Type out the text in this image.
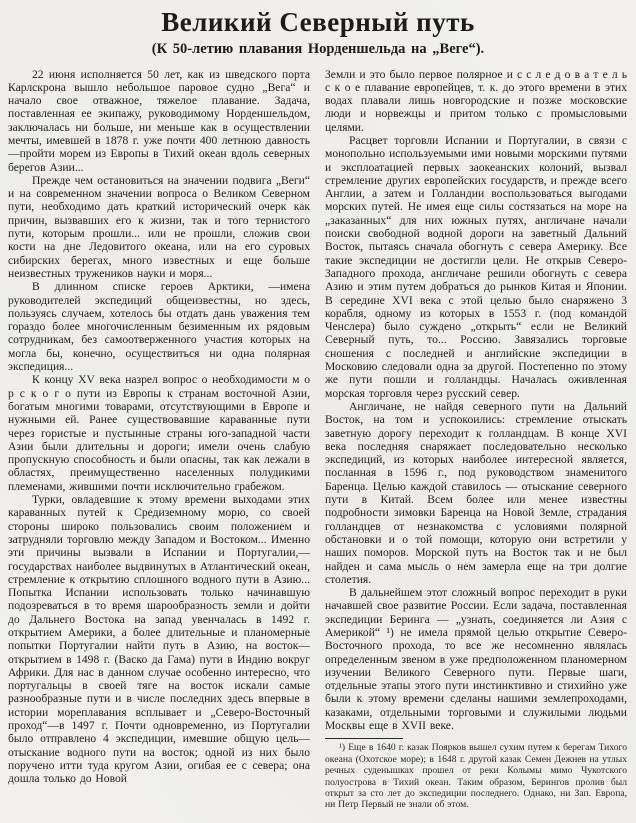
Великий Северный путь
(К 50-летию плавания Норденшельда на „Веге“).

22 июня исполняется 50 лет, как из шведского порта Карлскрона вышло небольшое паровое судно „Вега“ и начало свое отважное, тяжелое плавание. Задача, поставленная ее экипажу, руководимому Норденшельдом, заключалась ни больше, ни меньше как в осуществлении мечты, имевшей в 1878 г. уже почти 400 летнюю давность—пройти морем из Европы в Тихий океан вдоль северных берегов Азии...

Прежде чем остановиться на значении подвига „Веги“ и на современном значении вопроса о Великом Северном пути, необходимо дать краткий исторический очерк как причин, вызвавших его к жизни, так и того тернистого пути, которым прошли... или не прошли, сложив свои кости на дне Ледовитого океана, или на его суровых сибирских берегах, много известных и еще больше неизвестных тружеников науки и моря...

В длинном списке героев Арктики, —имена руководителей экспедиций общеизвестны, но здесь, пользуясь случаем, хотелось бы отдать дань уважения тем гораздо более многочисленным безименным их рядовым сотрудникам, без самоотверженного участия которых на могла бы, конечно, осуществиться ни одна полярная экспедиция...

К концу XV века назрел вопрос о необходимости м о р с к о г о пути из Европы к странам восточной Азии, богатым многими товарами, отсутствующими в Европе и нужными ей. Ранее существовавшие караванные пути через гористые и пустынные страны юго-западной части Азии были длительны и дороги; имели очень слабую пропускную способность и были опасны, так как лежали в областях, преимущественно населенных полудикими племенами, жившими почти исключительно грабежом.

Турки, овладевшие к этому времени выходами этих караванных путей к Средиземному морю, со своей стороны широко пользовались своим положением и затрудняли торговлю между Западом и Востоком... Именно эти причины вызвали в Испании и Португалии,—государствах наиболее выдвинутых в Атлантический океан, стремление к открытию сплошного водного пути в Азию... Попытка Испании использовать только начинавшую подозреваться в то время шарообразность земли и дойти до Дальнего Востока на запад увенчалась в 1492 г. открытием Америки, а более длительные и планомерные попытки Португалии найти путь в Азию, на восток—открытием в 1498 г. (Васко да Гама) пути в Индию вокруг Африки. Для нас в данном случае особенно интересно, что португальцы в своей тяге на восток искали самые разнообразные пути и в числе последних здесь впервые в истории мореплавания всплывает и „Северо-Восточный проход“—в 1497 г. Почти одновременно, из Португалии было отправлено 4 экспедиции, имевшие общую цель—отыскание водного пути на восток; одной из них было поручено итти туда кругом Азии, огибая ее с севера; она дошла только до Новой

Земли и это было первое полярное и с с л е д о в а т е л ь с к о е плавание европейцев, т. к. до этого времени в этих водах плавали лишь новгородские и позже московские люди и норвежцы и притом только с промысловыми целями.

Расцвет торговли Испании и Португалии, в связи с монопольно используемыми ими новыми морскими путями и эксплоатацией первых заокеанских колоний, вызвал стремление других европейских государств, и прежде всего Англии, а затем и Голландии воспользоваться выгодами морских путей. Не имея еще силы состязаться на море на „заказанных“ для них южных путях, англичане начали поиски свободной водной дороги на заветный Дальний Восток, пытаясь сначала обогнуть с севера Америку. Все такие экспедиции не достигли цели. Не открыв Северо-Западного прохода, англичане решили обогнуть с севера Азию и этим путем добраться до рынков Китая и Японии. В середине XVI века с этой целью было снаряжено 3 корабля, одному из которых в 1553 г. (под командой Ченслера) было суждено „открыть“ если не Великий Северный путь, то... Россию. Завязались торговые сношения с последней и английские экспедиции в Московию следовали одна за другой. Постепенно по этому же пути пошли и голландцы. Началась оживленная морская торговля через русский север.

Англичане, не найдя северного пути на Дальний Восток, на том и успокоились: стремление отыскать заветную дорогу переходит к голландцам. В конце XVI века последняя снаряжает последовательно несколько экспедиций, из которых наиболее интересной является, посланная в 1596 г., под руководством знаменитого Баренца. Целью каждой ставилось — отыскание северного пути в Китай. Всем более или менее известны подробности зимовки Баренца на Новой Земле, страдания голландцев от незнакомства с условиями полярной обстановки и о той помощи, которую они встретили у наших поморов. Морской путь на Восток так и не был найден и сама мысль о нем замерла еще на три долгие столетия.

В дальнейшем этот сложный вопрос переходит в руки начавшей свое развитие России. Если задача, поставленная экспедиции Беринга — „узнать, соединяется ли Азия с Америкой“ ¹) не имела прямой целью открытие Северо-Восточного прохода, то все же несомненно являлась определенным звеном в уже предположенном планомерном изучении Великого Северного пути. Первые шаги, отдельные этапы этого пути инстинктивно и стихийно уже были к этому времени сделаны нашими землепроходами, казаками, отдельными торговыми и служилыми людьми Москвы еще в XVII веке.

¹) Еще в 1640 г. казак Поярков вышел сухим путем к берегам Тихого океана (Охотское море); в 1648 г. другой казак Семен Дежнев на утлых речных суденышках прошел от реки Колымы мимо Чукотского полуострова в Тихий океан. Таким образом, Берингов пролив был открыт за сто лет до экспедиции последнего. Однако, ни Зап. Европа, ни Петр Первый не знали об этом.
